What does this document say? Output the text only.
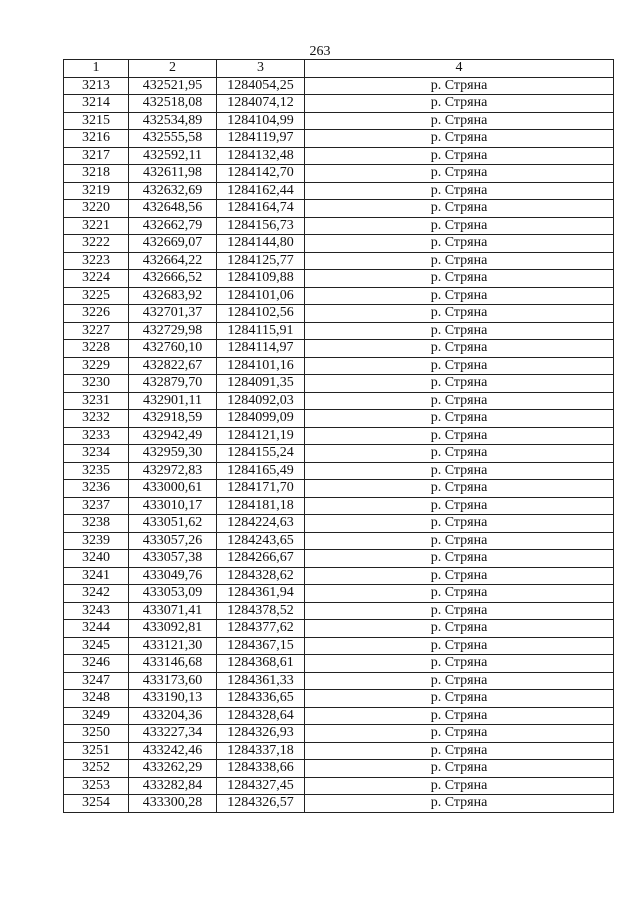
263
1	2	3	4
3213	432521,95	1284054,25	р. Стряна
3214	432518,08	1284074,12	р. Стряна
3215	432534,89	1284104,99	р. Стряна
3216	432555,58	1284119,97	р. Стряна
3217	432592,11	1284132,48	р. Стряна
3218	432611,98	1284142,70	р. Стряна
3219	432632,69	1284162,44	р. Стряна
3220	432648,56	1284164,74	р. Стряна
3221	432662,79	1284156,73	р. Стряна
3222	432669,07	1284144,80	р. Стряна
3223	432664,22	1284125,77	р. Стряна
3224	432666,52	1284109,88	р. Стряна
3225	432683,92	1284101,06	р. Стряна
3226	432701,37	1284102,56	р. Стряна
3227	432729,98	1284115,91	р. Стряна
3228	432760,10	1284114,97	р. Стряна
3229	432822,67	1284101,16	р. Стряна
3230	432879,70	1284091,35	р. Стряна
3231	432901,11	1284092,03	р. Стряна
3232	432918,59	1284099,09	р. Стряна
3233	432942,49	1284121,19	р. Стряна
3234	432959,30	1284155,24	р. Стряна
3235	432972,83	1284165,49	р. Стряна
3236	433000,61	1284171,70	р. Стряна
3237	433010,17	1284181,18	р. Стряна
3238	433051,62	1284224,63	р. Стряна
3239	433057,26	1284243,65	р. Стряна
3240	433057,38	1284266,67	р. Стряна
3241	433049,76	1284328,62	р. Стряна
3242	433053,09	1284361,94	р. Стряна
3243	433071,41	1284378,52	р. Стряна
3244	433092,81	1284377,62	р. Стряна
3245	433121,30	1284367,15	р. Стряна
3246	433146,68	1284368,61	р. Стряна
3247	433173,60	1284361,33	р. Стряна
3248	433190,13	1284336,65	р. Стряна
3249	433204,36	1284328,64	р. Стряна
3250	433227,34	1284326,93	р. Стряна
3251	433242,46	1284337,18	р. Стряна
3252	433262,29	1284338,66	р. Стряна
3253	433282,84	1284327,45	р. Стряна
3254	433300,28	1284326,57	р. Стряна
